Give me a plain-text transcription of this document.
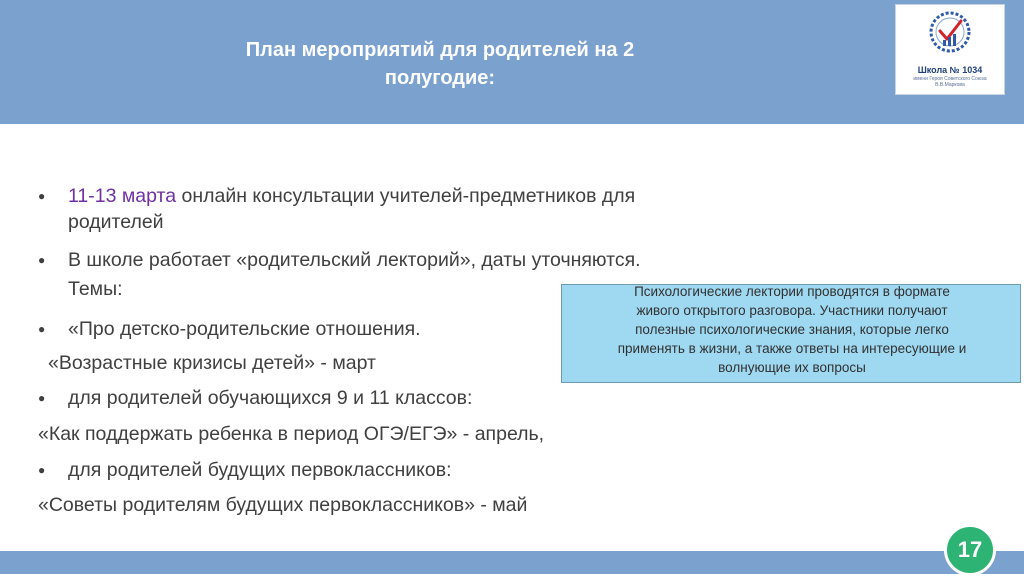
План мероприятий для родителей на 2
полугодие:	Школа № 1034
имени Героя Советского Союза
В.В.Маркова
● 11-13 марта онлайн консультации учителей-предметников для
родителей
● В школе работает «родительский лекторий», даты уточняются.
Темы:
● «Про детско-родительские отношения.
«Возрастные кризисы детей» - март
● для родителей обучающихся 9 и 11 классов:
«Как поддержать ребенка в период ОГЭ/ЕГЭ» - апрель,
● для родителей будущих первоклассников:
«Советы родителям будущих первоклассников» - май
Психологические лектории проводятся в формате
живого открытого разговора. Участники получают
полезные психологические знания, которые легко
применять в жизни, а также ответы на интересующие и
волнующие их вопросы
17
